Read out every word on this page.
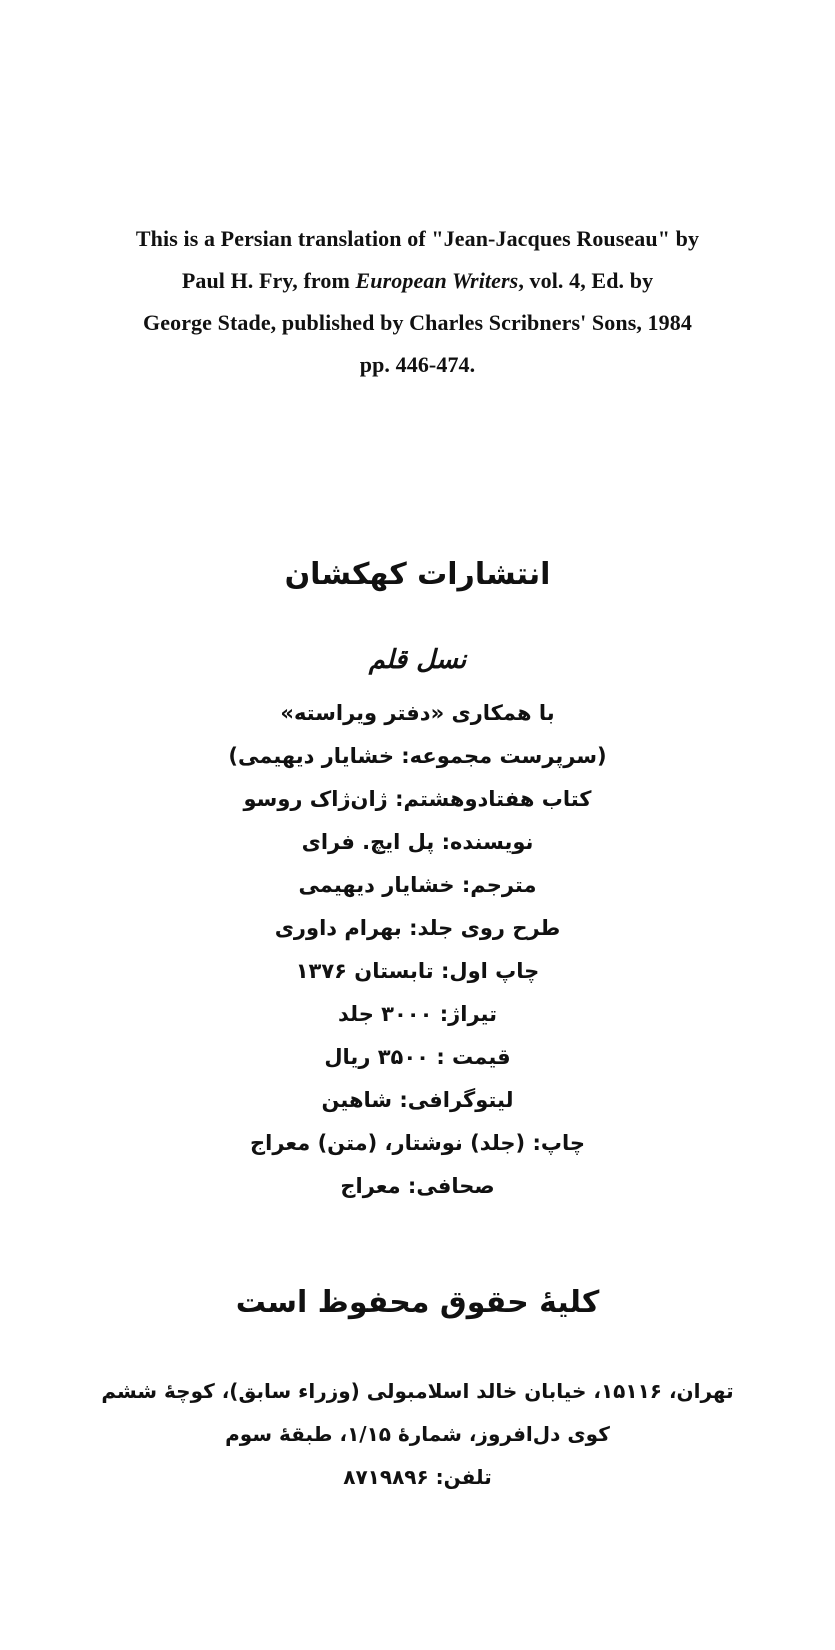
This is a Persian translation of "Jean-Jacques Rouseau" by
Paul H. Fry, from European Writers, vol. 4, Ed. by
George Stade, published by Charles Scribners' Sons, 1984
pp. 446-474.
انتشارات کهکشان
نسل قلم
با همکاری «دفتر ویراسته»
(سرپرست مجموعه: خشایار دیهیمی)
کتاب هفتادوهشتم: ژان‌ژاک روسو
نویسنده: پل ایچ. فرای
مترجم: خشایار دیهیمی
طرح روی جلد: بهرام داوری
چاپ اول: تابستان ۱۳۷۶
تیراژ: ۳۰۰۰ جلد
قیمت : ۳۵۰۰ ریال
لیتوگرافی: شاهین
چاپ: (جلد) نوشتار، (متن) معراج
صحافی: معراج
کلیهٔ حقوق محفوظ است
تهران، ۱۵۱۱۶، خیابان خالد اسلامبولی (وزراء سابق)، کوچهٔ ششم
کوی دل‌افروز، شمارهٔ ۱/۱۵، طبقهٔ سوم
تلفن: ۸۷۱۹۸۹۶
